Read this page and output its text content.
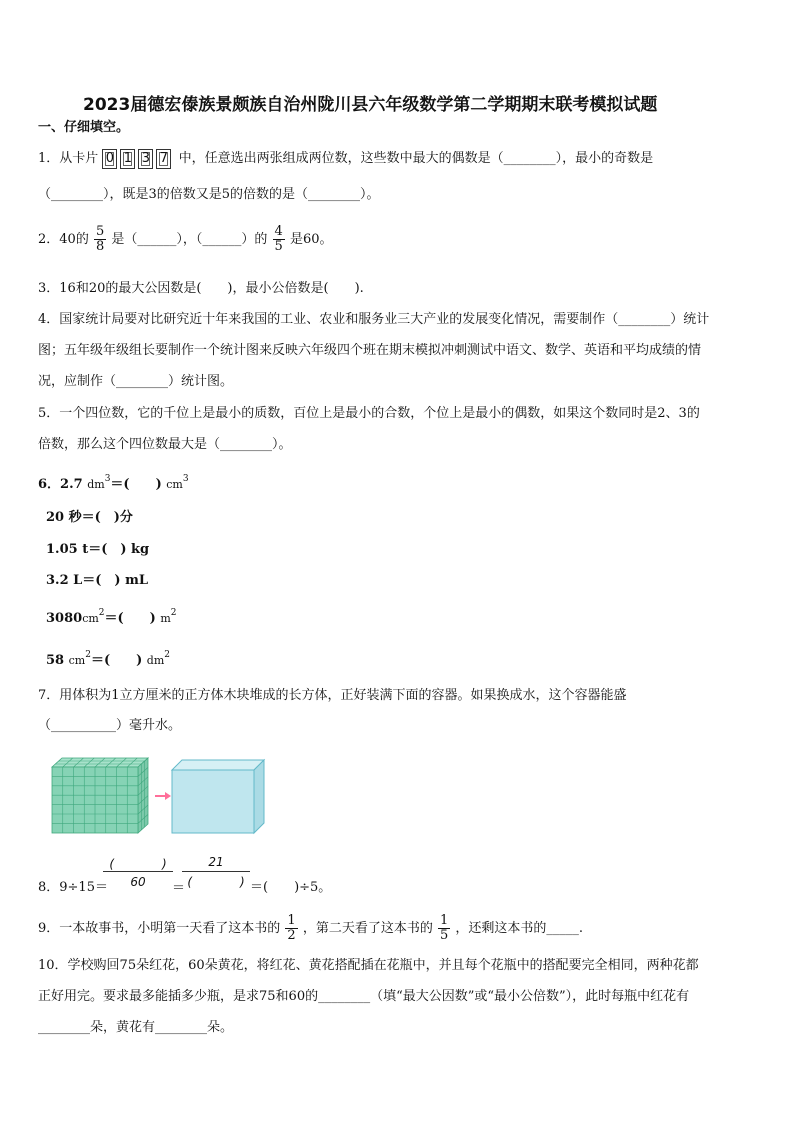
2023届德宏傣族景颇族自治州陇川县六年级数学第二学期期末联考模拟试题
一、仔细填空。
1．从卡片 0 1 3 7 中，任意选出两张组成两位数，这些数中最大的偶数是（________），最小的奇数是
（________），既是3的倍数又是5的倍数的是（________）。
2．40的 $\frac{5}{8}$ 是（______），（______）的 $\frac{4}{5}$ 是60。
3．16和20的最大公因数是(　　)，最小公倍数是(　　).
4．国家统计局要对比研究近十年来我国的工业、农业和服务业三大产业的发展变化情况，需要制作（________）统计
图；五年级年级组长要制作一个统计图来反映六年级四个班在期末模拟冲刺测试中语文、数学、英语和平均成绩的情
况，应制作（________）统计图。
5．一个四位数，它的千位上是最小的质数，百位上是最小的合数，个位上是最小的偶数，如果这个数同时是2、3的
倍数，那么这个四位数最大是（________）。
6．2.7 $dm^3=$(　　) $cm^3$
20 秒＝(　)分
1.05 t＝(　) kg
3.2 L＝(　) mL
$3080cm^2=$(　　) $m^2$
58 $cm^2=$(　　) $dm^2$
7．用体积为1立方厘米的正方体木块堆成的长方体，正好装满下面的容器。如果换成水，这个容器能盛
（__________）毫升水。
8．9÷15＝
(　　　　)
60	＝
21
(　　　　) ＝(　　)÷5。
9．一本故事书，小明第一天看了这本书的 $\frac{1}{2}$ ，第二天看了这本书的 $\frac{1}{5}$ ，还剩这本书的_____.
10．学校购回75朵红花，60朵黄花，将红花、黄花搭配插在花瓶中，并且每个花瓶中的搭配要完全相同，两种花都
正好用完。要求最多能插多少瓶，是求75和60的________（填“最大公因数”或“最小公倍数”），此时每瓶中红花有
________朵，黄花有________朵。
